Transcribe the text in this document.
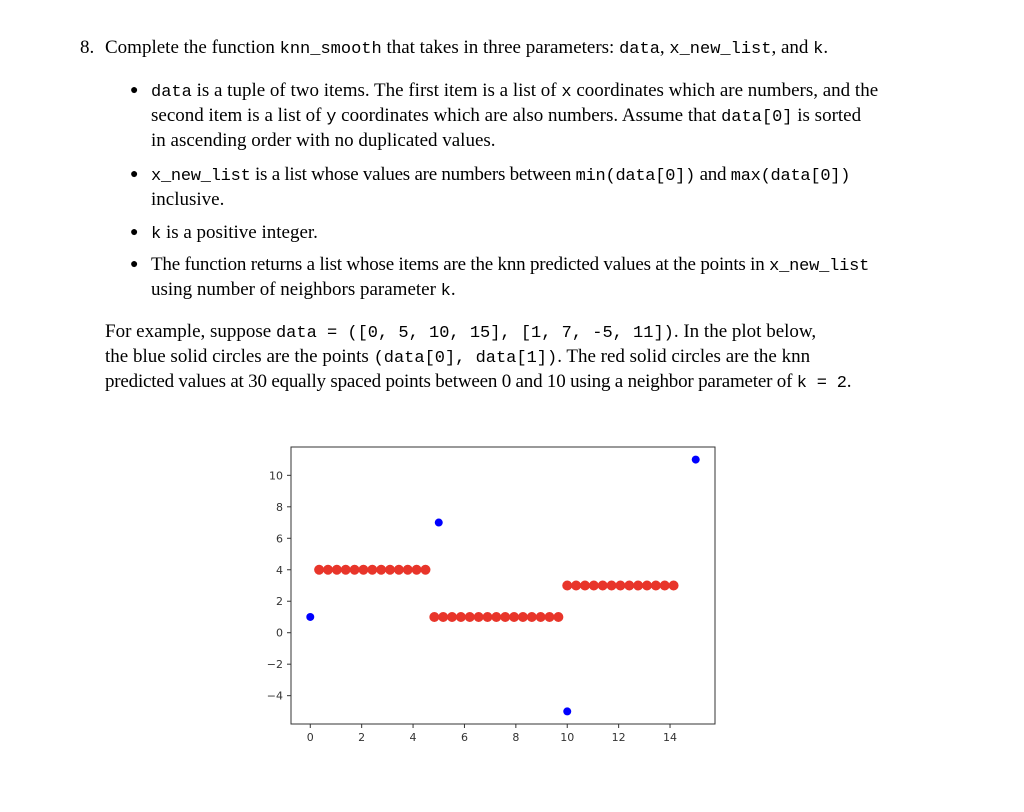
8. Complete the function knn_smooth that takes in three parameters: data, x_new_list, and k.
● data is a tuple of two items. The first item is a list of x coordinates which are numbers, and the
second item is a list of y coordinates which are also numbers. Assume that data[0] is sorted
in ascending order with no duplicated values.
● x_new_list is a list whose values are numbers between min(data[0]) and max(data[0])
inclusive.
● k is a positive integer.
● The function returns a list whose items are the knn predicted values at the points in x_new_list
using number of neighbors parameter k.
For example, suppose data = ([0, 5, 10, 15], [1, 7, -5, 11]). In the plot below,
the blue solid circles are the points (data[0], data[1]). The red solid circles are the knn
predicted values at 30 equally spaced points between 0 and 10 using a neighbor parameter of k = 2.
0	2	4	6	8	10	12	14
−4
−2
0
2
4
6
8
10
